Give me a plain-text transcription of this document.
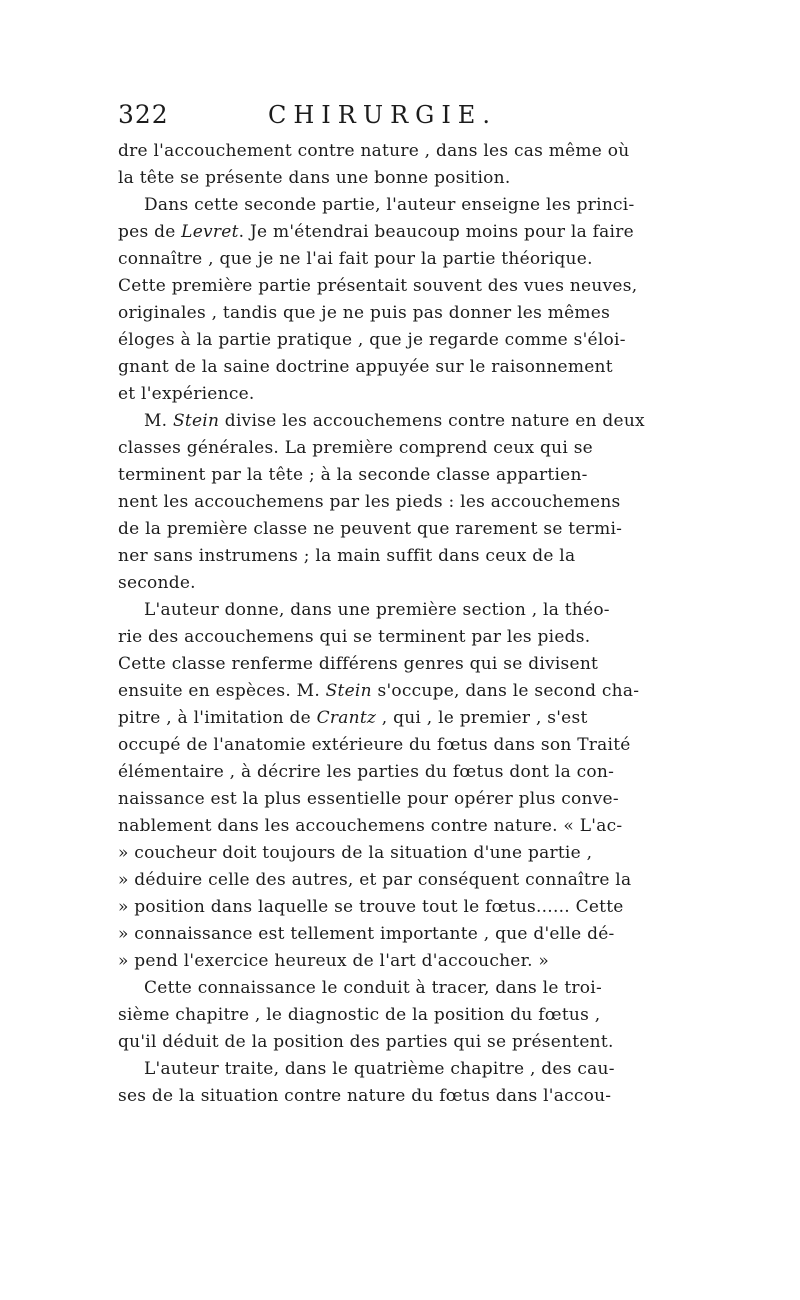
322	CHIRURGIE.
dre l'accouchement contre nature , dans les cas même où
la tête se présente dans une bonne position.
Dans cette seconde partie, l'auteur enseigne les princi-
pes de Levret. Je m'étendrai beaucoup moins pour la faire
connaître , que je ne l'ai fait pour la partie théorique.
Cette première partie présentait souvent des vues neuves,
originales , tandis que je ne puis pas donner les mêmes
éloges à la partie pratique , que je regarde comme s'éloi-
gnant de la saine doctrine appuyée sur le raisonnement
et l'expérience.
M. Stein divise les accouchemens contre nature en deux
classes générales. La première comprend ceux qui se
terminent par la tête ; à la seconde classe appartien-
nent les accouchemens par les pieds : les accouchemens
de la première classe ne peuvent que rarement se termi-
ner sans instrumens ; la main suffit dans ceux de la
seconde.
L'auteur donne, dans une première section , la théo-
rie des accouchemens qui se terminent par les pieds.
Cette classe renferme différens genres qui se divisent
ensuite en espèces. M. Stein s'occupe, dans le second cha-
pitre , à l'imitation de Crantz , qui , le premier , s'est
occupé de l'anatomie extérieure du fœtus dans son Traité
élémentaire , à décrire les parties du fœtus dont la con-
naissance est la plus essentielle pour opérer plus conve-
nablement dans les accouchemens contre nature. « L'ac-
» coucheur doit toujours de la situation d'une partie ,
» déduire celle des autres, et par conséquent connaître la
» position dans laquelle se trouve tout le fœtus...... Cette
» connaissance est tellement importante , que d'elle dé-
» pend l'exercice heureux de l'art d'accoucher. »
Cette connaissance le conduit à tracer, dans le troi-
sième chapitre , le diagnostic de la position du fœtus ,
qu'il déduit de la position des parties qui se présentent.
L'auteur traite, dans le quatrième chapitre , des cau-
ses de la situation contre nature du fœtus dans l'accou-
